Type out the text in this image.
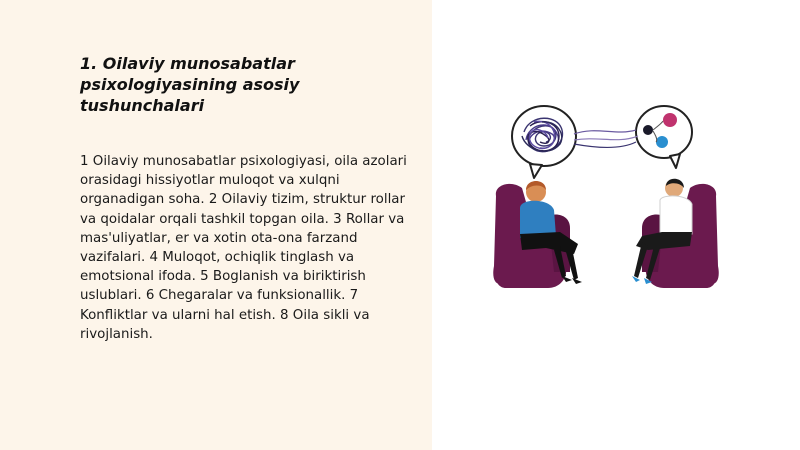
1. Oilaviy munosabatlar psixologiyasining asosiy tushunchalari

1 Oilaviy munosabatlar psixologiyasi, oila azolari orasidagi hissiyotlar muloqot va xulqni organadigan soha. 2 Oilaviy tizim, struktur rollar va qoidalar orqali tashkil topgan oila. 3 Rollar va mas'uliyatlar, er va xotin ota-ona farzand vazifalari. 4 Muloqot, ochiqlik tinglash va emotsional ifoda. 5 Boglanish va biriktirish uslublari. 6 Chegaralar va funksionallik. 7 Konfliktlar va ularni hal etish. 8 Oila sikli va rivojlanish.
